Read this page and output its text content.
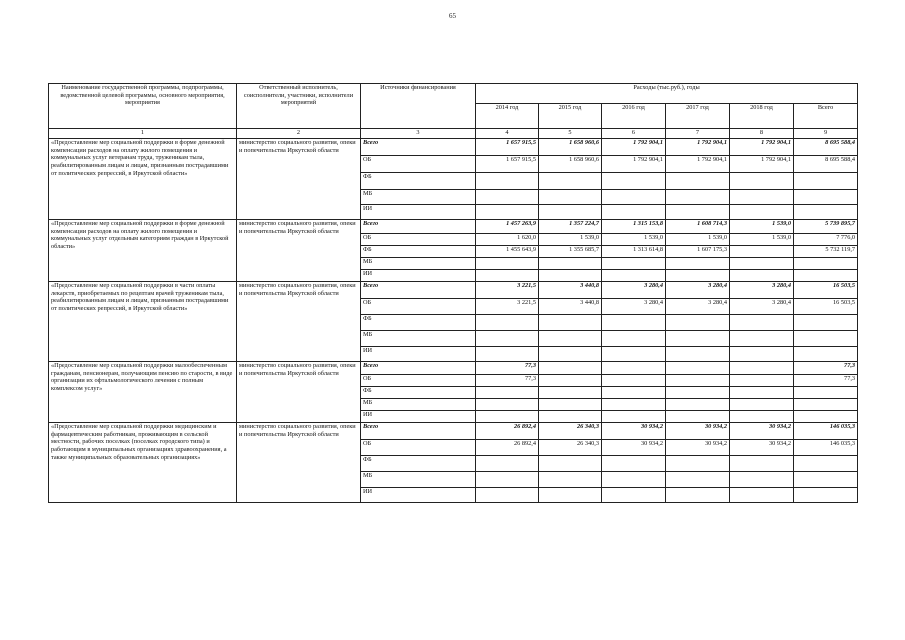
65
Наименование государственной программы, подпрограммы, ведомственной целевой программы, основного мероприятия, мероприятия	Ответственный исполнитель, соисполнители, участники, исполнители мероприятий	Источники финансирования	Расходы (тыс.руб.), годы					
			2014 год	2015 год	2016 год	2017 год	2018 год	Всего
1	2	3	4	5	6	7	8	9
«Предоставление мер социальной поддержки в форме денежной компенсации расходов на оплату жилого помещения и коммунальных услуг ветеранам труда, труженикам тыла, реабилитированным лицам и лицам, признанным пострадавшими от политических репрессий, в Иркутской области»	министерство социального развития, опеки и попечительства Иркутской области	Всего	1 657 915,5	1 658 960,6	1 792 904,1	1 792 904,1	1 792 904,1	8 695 588,4
		ОБ	1 657 915,5	1 658 960,6	1 792 904,1	1 792 904,1	1 792 904,1	8 695 588,4
		ФБ						
		МБ						
		ИИ						
«Предоставление мер социальной поддержки в форме денежной компенсации расходов на оплату жилого помещения и коммунальных услуг отдельным категориям граждан в Иркутской области»	министерство социального развития, опеки и попечительства Иркутской области	Всего	1 457 263,9	1 357 224,7	1 315 153,8	1 608 714,3	1 539,0	5 739 895,7
		ОБ	1 620,0	1 539,0	1 539,0	1 539,0	1 539,0	7 776,0
		ФБ	1 455 643,9	1 355 685,7	1 313 614,8	1 607 175,3		5 732 119,7
		МБ						
		ИИ						
«Предоставление мер социальной поддержки в части оплаты лекарств, приобретаемых по рецептам врачей труженикам тыла, реабилитированным лицам и лицам, признанным пострадавшими от политических репрессий, в Иркутской области»	министерство социального развития, опеки и попечительства Иркутской области	Всего	3 221,5	3 440,8	3 280,4	3 280,4	3 280,4	16 503,5
		ОБ	3 221,5	3 440,8	3 280,4	3 280,4	3 280,4	16 503,5
		ФБ						
		МБ						
		ИИ						
«Предоставление мер социальной поддержки малообеспеченным гражданам, пенсионерам, получающим пенсию по старости, в виде организации их офтальмологического лечения с полным комплексом услуг»	министерство социального развития, опеки и попечительства Иркутской области	Всего	77,3					77,3
		ОБ	77,3					77,3
		ФБ						
		МБ						
		ИИ						
«Предоставление мер социальной поддержки медицинским и фармацевтическим работникам, проживающим в сельской местности, рабочих поселках (поселках городского типа) и работающим в муниципальных организациях здравоохранения, а также муниципальных образовательных организациях»	министерство социального развития, опеки и попечительства Иркутской области	Всего	26 892,4	26 340,3	30 934,2	30 934,2	30 934,2	146 035,3
		ОБ	26 892,4	26 340,3	30 934,2	30 934,2	30 934,2	146 035,3
		ФБ						
		МБ						
		ИИ						
